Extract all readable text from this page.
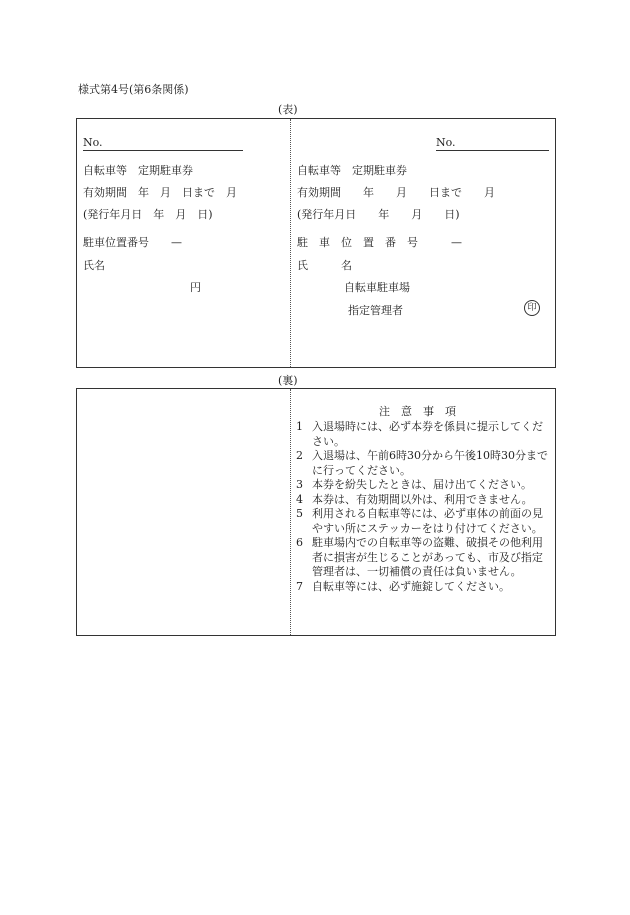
様式第4号(第6条関係)
(表)
No.
自転車等　定期駐車券
有効期間　年　月　日まで　月
(発行年月日　年　月　日)
駐車位置番号　　—
氏名
円
No.
自転車等　定期駐車券
有効期間　　年　　月　　日まで　　月
(発行年月日　　年　　月　　日)
駐　車　位　置　番　号　　　—
氏　　　名
自転車駐車場
指定管理者	印
(裏)
注　意　事　項
1 入退場時には、必ず本券を係員に提示してください。
2 入退場は、午前6時30分から午後10時30分までに行ってください。
3 本券を紛失したときは、届け出てください。
4 本券は、有効期間以外は、利用できません。
5 利用される自転車等には、必ず車体の前面の見やすい所にステッカーをはり付けてください。
6 駐車場内での自転車等の盗難、破損その他利用者に損害が生じることがあっても、市及び指定管理者は、一切補償の責任は負いません。
7 自転車等には、必ず施錠してください。
